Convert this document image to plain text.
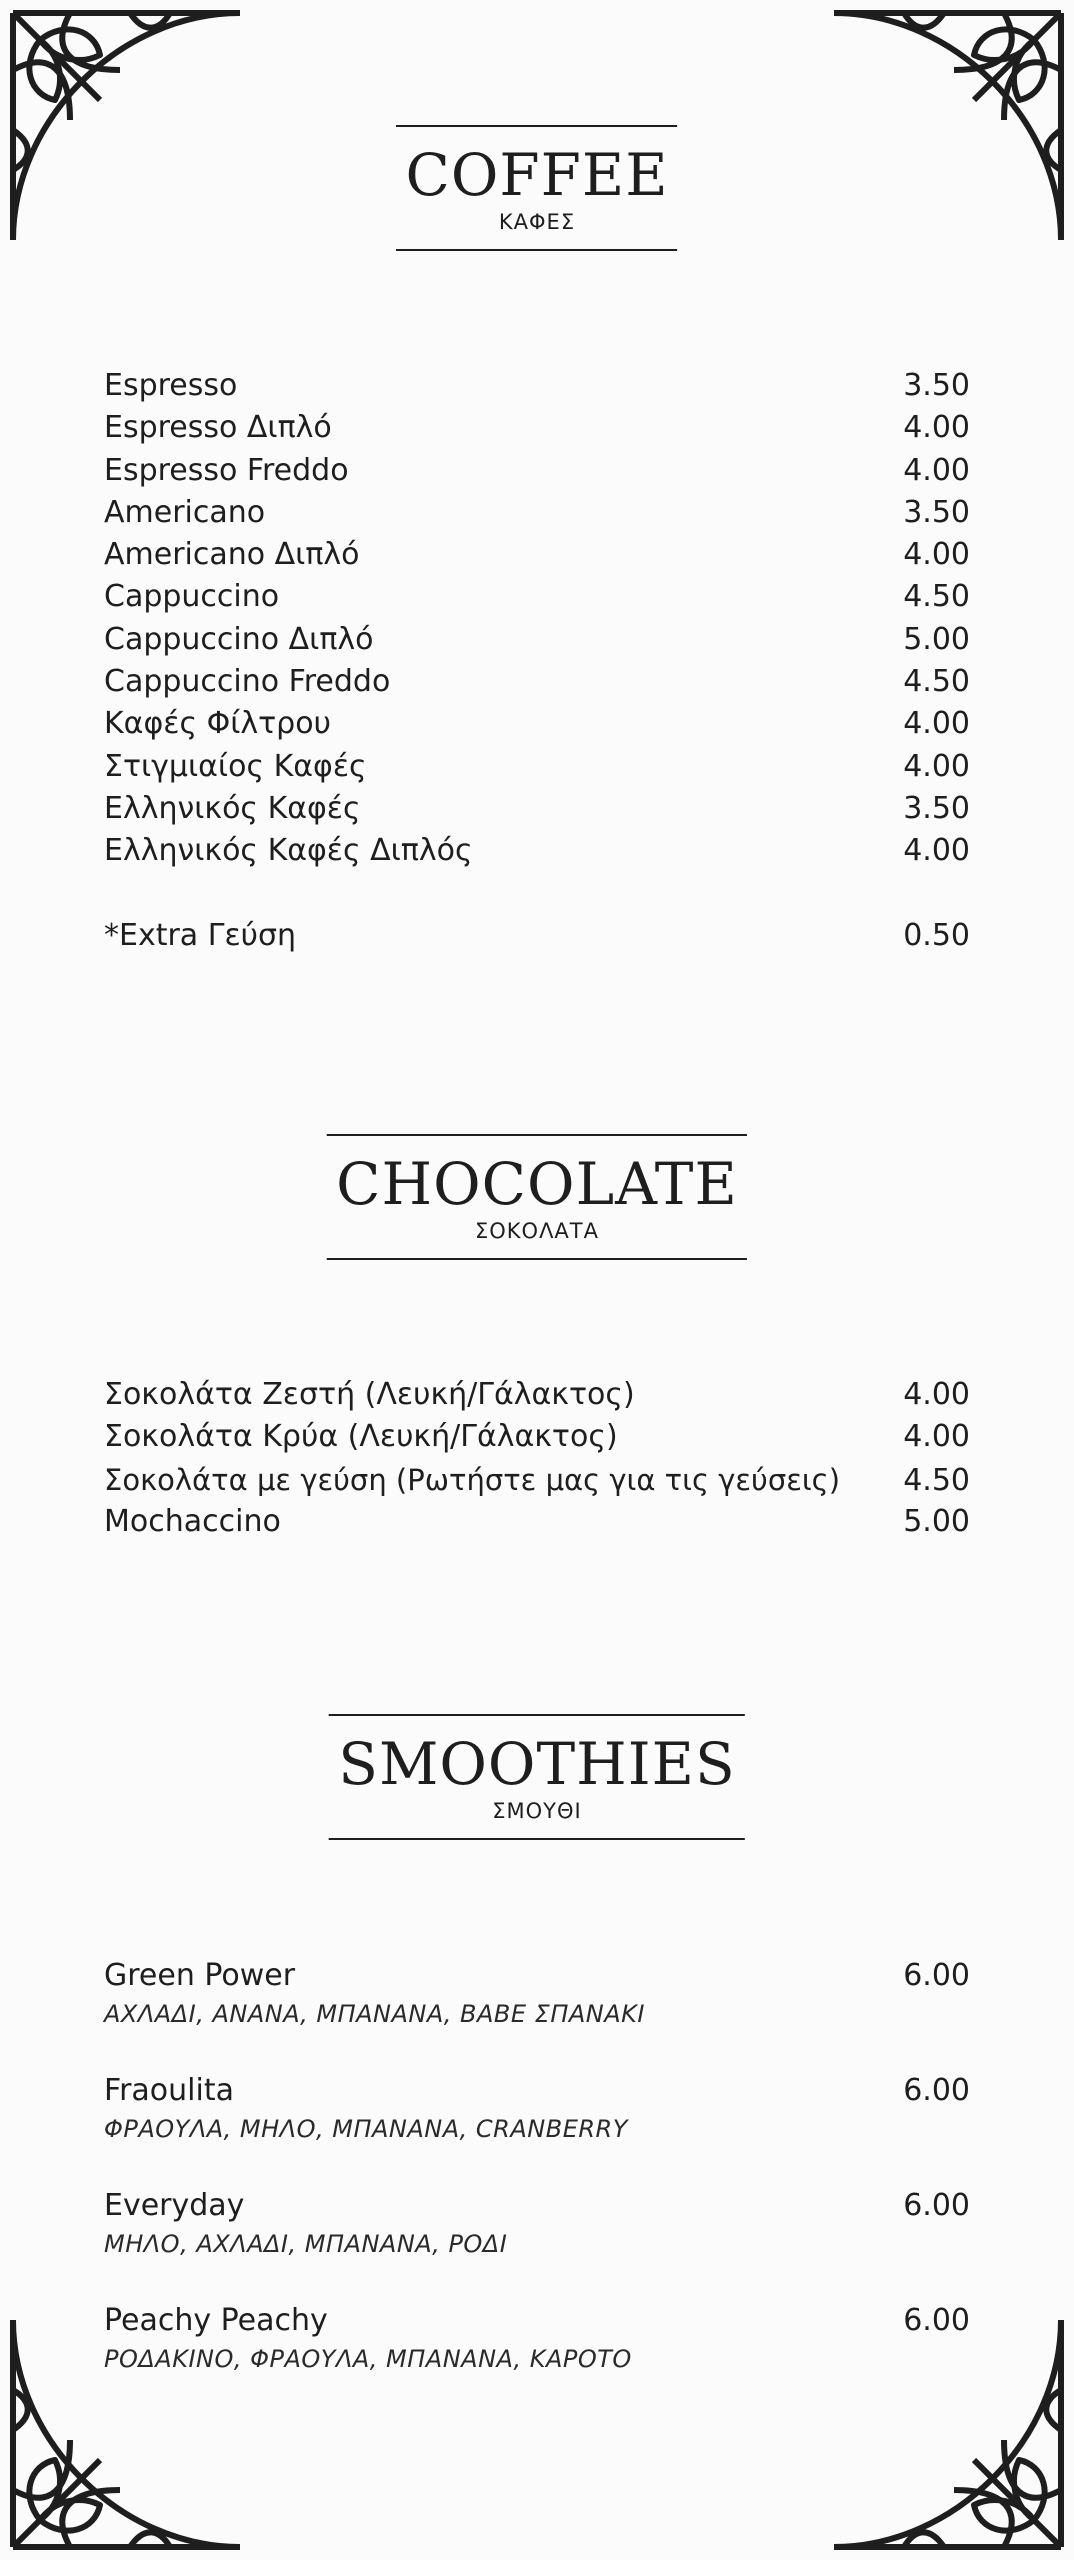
COFFEE
ΚΑΦΕΣ
Espresso	3.50
Espresso Διπλό	4.00
Espresso Freddo	4.00
Americano	3.50
Americano Διπλό	4.00
Cappuccino	4.50
Cappuccino Διπλό	5.00
Cappuccino Freddo	4.50
Καφές Φίλτρου	4.00
Στιγμιαίος Καφές	4.00
Ελληνικός Καφές	3.50
Ελληνικός Καφές Διπλός	4.00
*Extra Γεύση	0.50
CHOCOLATE
ΣΟΚΟΛΑΤΑ
Σοκολάτα Ζεστή (Λευκή/Γάλακτος)	4.00
Σοκολάτα Κρύα (Λευκή/Γάλακτος)	4.00
Σοκολάτα με γεύση (Ρωτήστε μας για τις γεύσεις) 4.50
Mochaccino	5.00
SMOOTHIES
ΣΜΟΥΘΙ
Green Power	6.00
ΑΧΛΑΔΙ, ΑΝΑΝΑ, ΜΠΑΝΑΝΑ, ΒΑΒΕ ΣΠΑΝΑΚΙ
Fraoulita	6.00
ΦΡΑΟΥΛΑ, ΜΗΛΟ, ΜΠΑΝΑΝΑ, CRANBERRY
Everyday	6.00
ΜΗΛΟ, ΑΧΛΑΔΙ, ΜΠΑΝΑΝΑ, ΡΟΔΙ
Peachy Peachy	6.00
ΡΟΔΑΚΙΝΟ, ΦΡΑΟΥΛΑ, ΜΠΑΝΑΝΑ, ΚΑΡΟΤΟ
